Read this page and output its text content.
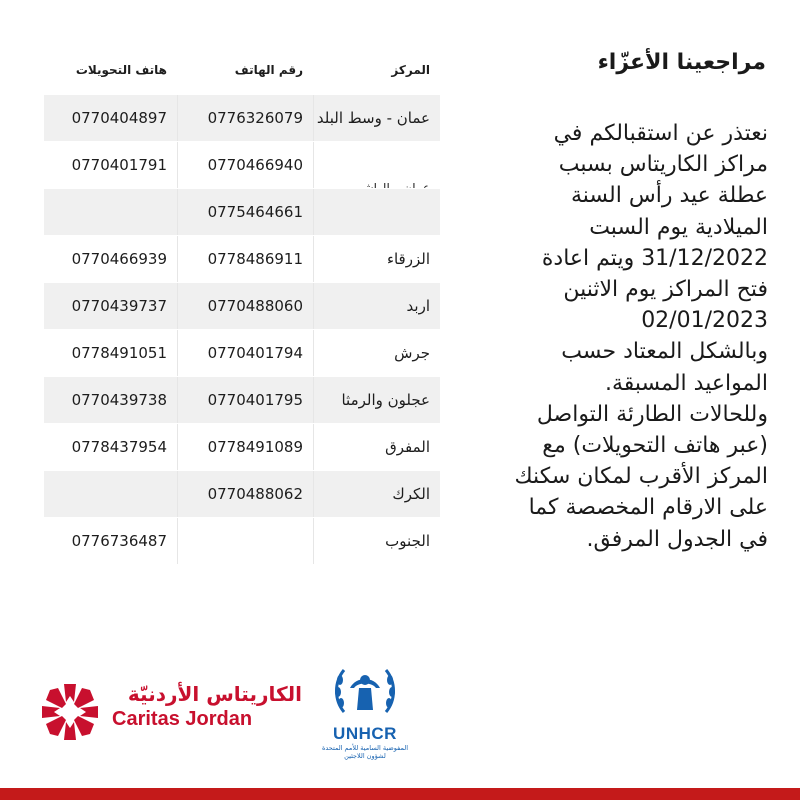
المركز
رقم الهاتف
هاتف التحويلات
عمان - وسط البلد
0776326079
0770404897
0770466940
0770401791
0775464661
الزرقاء
0778486911
0770466939
اربد
0770488060
0770439737
جرش
0770401794
0778491051
عجلون والرمثا
0770401795
0770439738
المفرق
0778491089
0778437954
الكرك
0770488062
الجنوب
0776736487
مراجعينا الأعزّاء
نعتذر عن استقبالكم في
مراكز الكاريتاس بسبب
عطلة عيد رأس السنة
الميلادية يوم السبت
31/12/2022 ويتم اعادة
فتح المراكز يوم الاثنين
02/01/2023
وبالشكل المعتاد حسب
المواعيد المسبقة.
وللحالات الطارئة التواصل
(عبر هاتف التحويلات) مع
المركز الأقرب لمكان سكنك
على الارقام المخصصة كما
في الجدول المرفق.
الكاريتاس الأردنيّة
Caritas Jordan
UNHCR
المفوضية السامية للأمم المتحدة
لشؤون اللاجئين
